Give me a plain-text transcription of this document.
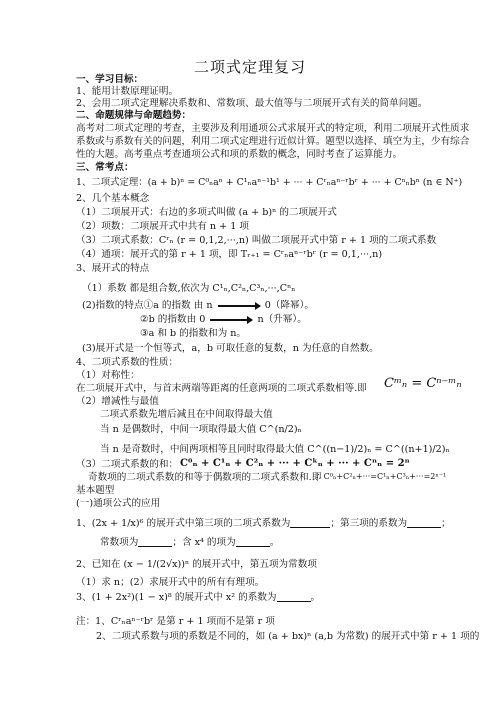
二项式定理复习
一、学习目标：
1、能用计数原理证明。
2、会用二项式定理解决系数和、常数项、最大值等与二项展开式有关的简单问题。
二、命题规律与命题趋势：
高考对二项式定理的考查，主要涉及利用通项公式求展开式的特定项，利用二项展开式性质求
系数或与系数有关的问题，利用二项式定理进行近似计算。题型以选择、填空为主，少有综合
性的大题。高考重点考查通项公式和项的系数的概念，同时考查了运算能力。
三、常考点：
1、二项式定理：(a + b)ⁿ = C⁰ₙaⁿ + C¹ₙaⁿ⁻¹b¹ + ··· + Cʳₙaⁿ⁻ʳbʳ + ··· + Cⁿₙbⁿ (n ∈ N⁺)
2、几个基本概念
（1）二项展开式：右边的多项式叫做 (a + b)ⁿ 的二项展开式
（2）项数：二项展开式中共有 n + 1 项
（3）二项式系数：Cʳₙ (r = 0,1,2,···,n) 叫做二项展开式中第 r + 1 项的二项式系数
（4）通项：展开式的第 r + 1 项，即 Tᵣ₊₁ = Cʳₙaⁿ⁻ʳbʳ (r = 0,1,···,n)
3、展开式的特点
（1）系数 都是组合数,依次为 C¹ₙ,C²ₙ,C³ₙ,···,Cⁿₙ
(2)指数的特点①a 的指数 由 n	0（降幂）。
②b 的指数由 0	n（升幂）。
③a 和 b 的指数和为 n。
(3)展开式是一个恒等式，a，b 可取任意的复数，n 为任意的自然数。
4、二项式系数的性质：
（1）对称性：
在二项展开式中，与首末两端等距离的任意两项的二项式系数相等.即 Cᵐₙ = Cⁿ⁻ᵐₙ
（2）增减性与最值
二项式系数先增后减且在中间取得最大值
当 n 是偶数时，中间一项取得最大值 C^(n/2)ₙ
当 n 是奇数时，中间两项相等且同时取得最大值 C^((n−1)/2)ₙ = C^((n+1)/2)ₙ
（3）二项式系数的和： C⁰ₙ + C¹ₙ + C²ₙ + ··· + Cᵏₙ + ··· + Cⁿₙ = 2ⁿ
∴ C⁰ₙ+C²ₙ+···=C¹ₙ+C³ₙ+···=2ⁿ⁻¹
奇数项的二项式系数的和等于偶数项的二项式系数和.即
基本题型
(一)通项公式的应用
1、(2x + 1/x)⁶ 的展开式中第三项的二项式系数为	；第三项的系数为	；
常数项为	；含 x⁴ 的项为	。
2、已知在 (x − 1/(2√x))ⁿ 的展开式中，第五项为常数项
（1）求 n；(2）求展开式中的所有有理项。
3、(1 + 2x²)(1 − x)⁸ 的展开式中 x² 的系数为	。
注：1、Cʳₙaⁿ⁻ʳbʳ 是第 r + 1 项而不是第 r 项
2、二项式系数与项的系数是不同的，如 (a + bx)ⁿ (a,b 为常数) 的展开式中第 r + 1 项的
